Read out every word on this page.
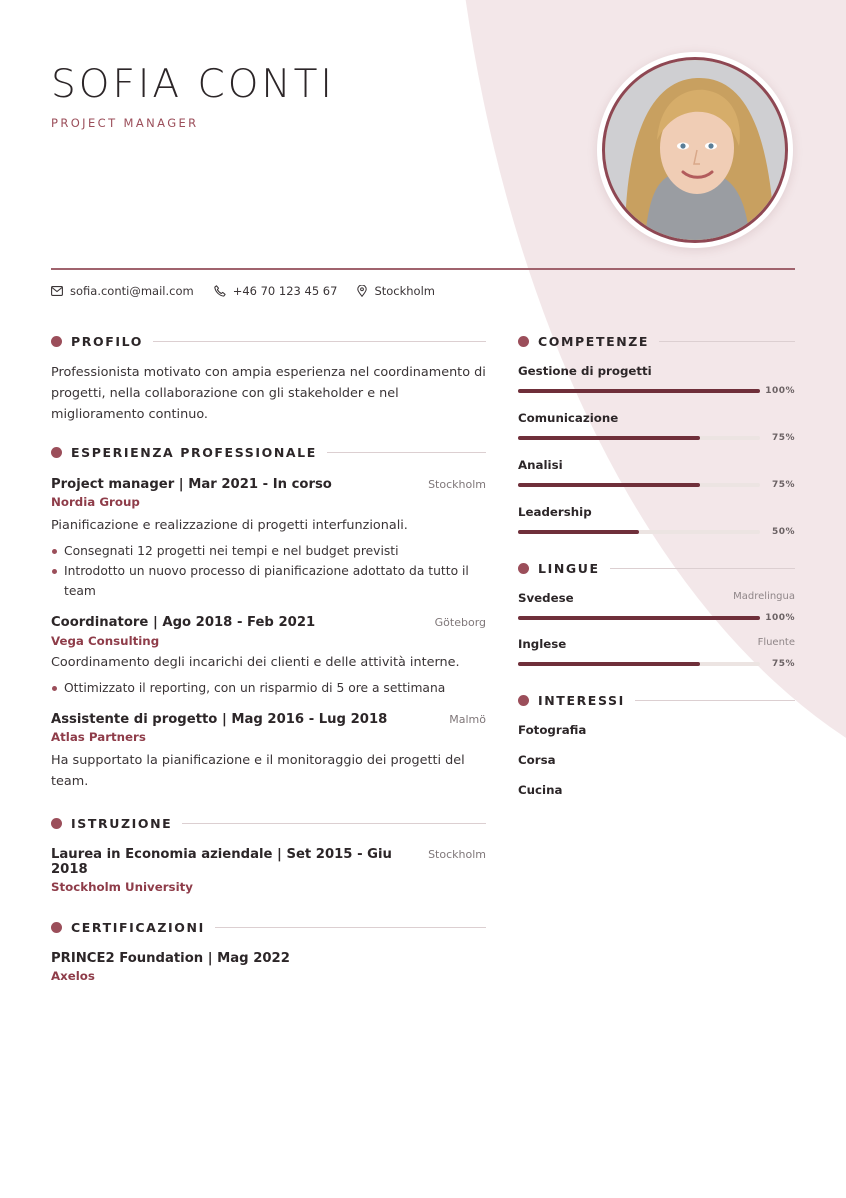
SOFIA CONTI
PROJECT MANAGER
sofia.conti@mail.com	+46 70 123 45 67	Stockholm
PROFILO

Professionista motivato con ampia esperienza nel coordinamento di progetti, nella collaborazione con gli stakeholder e nel miglioramento continuo.

ESPERIENZA PROFESSIONALE
Project manager | Mar 2021 - In corso	Stockholm
Nordia Group

Pianificazione e realizzazione di progetti interfunzionali.

Consegnati 12 progetti nei tempi e nel budget previsti
Introdotto un nuovo processo di pianificazione adottato da tutto il team
Coordinatore | Ago 2018 - Feb 2021	Göteborg
Vega Consulting

Coordinamento degli incarichi dei clienti e delle attività interne.

Ottimizzato il reporting, con un risparmio di 5 ore a settimana
Assistente di progetto | Mag 2016 - Lug 2018	Malmö
Atlas Partners

Ha supportato la pianificazione e il monitoraggio dei progetti del team.

ISTRUZIONE
Laurea in Economia aziendale | Set 2015 - Giu 2018
Stockholm
Stockholm University
CERTIFICAZIONI
PRINCE2 Foundation | Mag 2022
Axelos
COMPETENZE
Gestione di progetti
100%
Comunicazione
75%
Analisi
75%
Leadership
50%
LINGUE
Svedese	Madrelingua
100%
Inglese	Fluente
75%
INTERESSI
Fotografia
Corsa
Cucina
